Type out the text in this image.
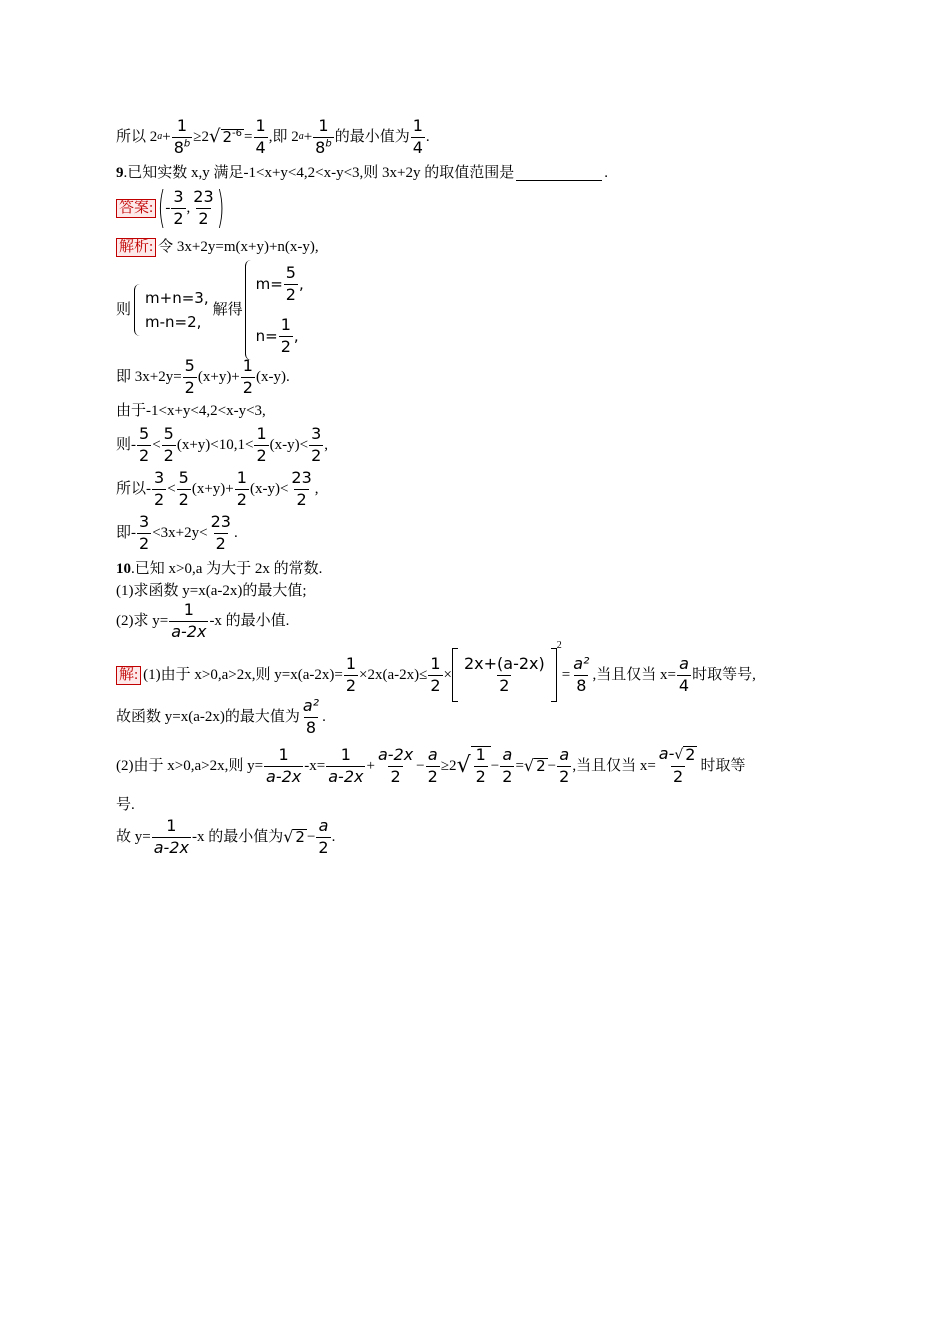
所以 2 $a + \frac{1}{8^b} \ge 2$ √ $2^{-6} = \frac{1}{4}$ ,即 2 $a + \frac{1}{8^b}$ 的最小值为 $\frac{1}{4}$ .
9 .已知实数 x,y 满足-1<x+y<4,2<x-y<3,则 3x+2y 的取值范围是	.
答案: ( - $\frac{3}{2}$ , $\frac{23}{2}$ )
解析: 令 3x+2y=m(x+y)+n(x-y),
则
m+n=3,
m-n=2,
解得
$m= \frac{5}{2}$ ,
$n= \frac{1}{2}$ ,
即 $3x+2y= \frac{5}{2} (x+y)+ \frac{1}{2} (x-y)$.
由于-1<x+y<4,2<x-y<3,
则- $\frac{5}{2} < \frac{5}{2} (x+y)<10,1< \frac{1}{2} (x-y)< \frac{3}{2}$ ,
所以- $\frac{3}{2} < \frac{5}{2} (x+y)+ \frac{1}{2} (x-y)< \frac{23}{2}$ ,
即- $\frac{3}{2} <3x+2y< \frac{23}{2}$ .
10 .已知 x>0,a 为大于 2x 的常数.
(1)求函数 y=x(a-2x)的最大值;
(2)求 $y= \frac{1}{a-2x} -x$ 的最小值.
解: (1)由于 x>0,a>2x,则 $y=x(a-2x)= \frac{1}{2} \times 2x(a-2x)\le \frac{1}{2} \times \frac{2x+(a-2x)}{2}$
2
= $\frac{\text{a²}}{8}$ ,当且仅当 $x= \frac{a}{4}$ 时取等号,
故函数 y=x(a-2x)的最大值为 $\frac{\text{a²}}{8}$ .
(2)由于 x>0,a>2x,则 $y= \frac{1}{a-2x} -x= \frac{1}{a-2x} + \frac{a-2x}{2} - \frac{a}{2} \ge 2$ √ $\frac{1}{2} - \frac{a}{2}$ = √ $2 - \frac{a}{2}$ ,当且仅当 $x= \frac{a- √ 2}{2}$ 时取等
号.
故 $y= \frac{1}{a-2x} -x$ 的最小值为 √ $2 - \frac{a}{2}$ .
